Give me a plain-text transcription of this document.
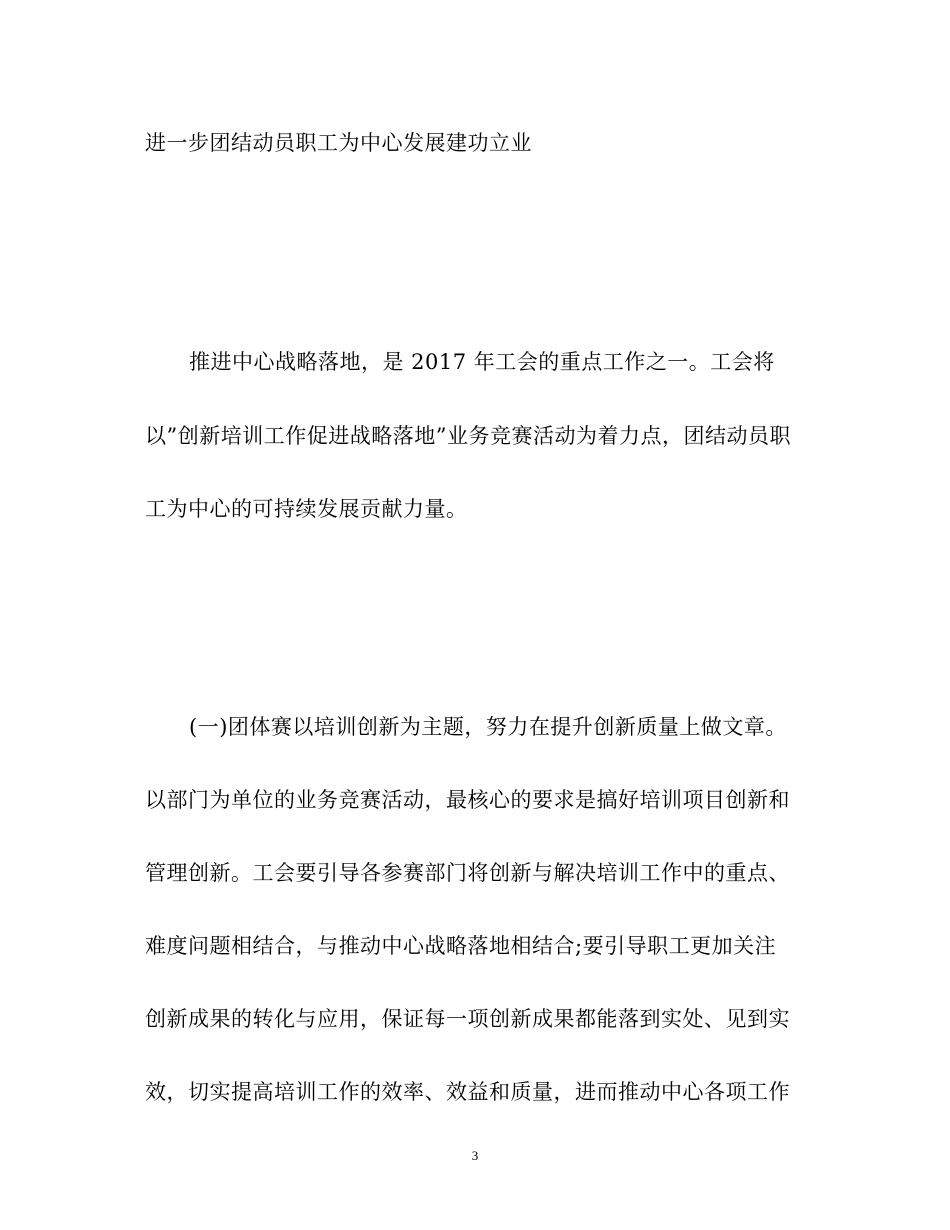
进一步团结动员职工为中心发展建功立业
推进中心战略落地，是 2017 年工会的重点工作之一。工会将
以”创新培训工作促进战略落地”业务竞赛活动为着力点，团结动员职
工为中心的可持续发展贡献力量。
(一)团体赛以培训创新为主题，努力在提升创新质量上做文章。
以部门为单位的业务竞赛活动，最核心的要求是搞好培训项目创新和
管理创新。工会要引导各参赛部门将创新与解决培训工作中的重点、
难度问题相结合，与推动中心战略落地相结合;要引导职工更加关注
创新成果的转化与应用，保证每一项创新成果都能落到实处、见到实
效，切实提高培训工作的效率、效益和质量，进而推动中心各项工作
3
